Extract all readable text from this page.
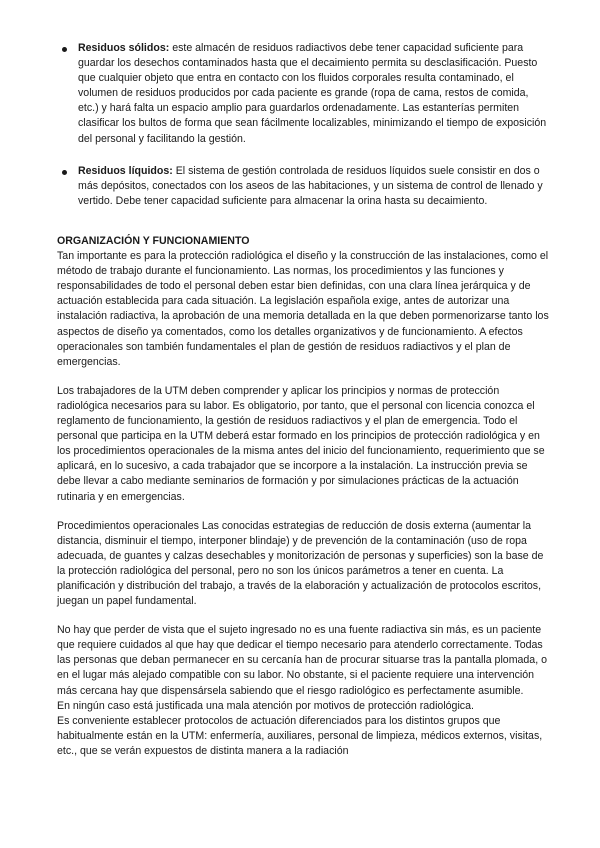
Residuos sólidos: este almacén de residuos radiactivos debe tener capacidad suficiente para guardar los desechos contaminados hasta que el decaimiento permita su desclasificación. Puesto que cualquier objeto que entra en contacto con los fluidos corporales resulta contaminado, el volumen de residuos producidos por cada paciente es grande (ropa de cama, restos de comida, etc.) y hará falta un espacio amplio para guardarlos ordenadamente. Las estanterías permiten clasificar los bultos de forma que sean fácilmente localizables, minimizando el tiempo de exposición del personal y facilitando la gestión.
Residuos líquidos: El sistema de gestión controlada de residuos líquidos suele consistir en dos o más depósitos, conectados con los aseos de las habitaciones, y un sistema de control de llenado y vertido. Debe tener capacidad suficiente para almacenar la orina hasta su decaimiento.

ORGANIZACIÓN Y FUNCIONAMIENTO

Tan importante es para la protección radiológica el diseño y la construcción de las instalaciones, como el método de trabajo durante el funcionamiento. Las normas, los procedimientos y las funciones y responsabilidades de todo el personal deben estar bien definidas, con una clara línea jerárquica y de actuación establecida para cada situación. La legislación española exige, antes de autorizar una instalación radiactiva, la aprobación de una memoria detallada en la que deben pormenorizarse tanto los aspectos de diseño ya comentados, como los detalles organizativos y de funcionamiento. A efectos operacionales son también fundamentales el plan de gestión de residuos radiactivos y el plan de emergencias.

Los trabajadores de la UTM deben comprender y aplicar los principios y normas de protección radiológica necesarios para su labor. Es obligatorio, por tanto, que el personal con licencia conozca el reglamento de funcionamiento, la gestión de residuos radiactivos y el plan de emergencia. Todo el personal que participa en la UTM deberá estar formado en los principios de protección radiológica y en los procedimientos operacionales de la misma antes del inicio del funcionamiento, requerimiento que se aplicará, en lo sucesivo, a cada trabajador que se incorpore a la instalación. La instrucción previa se debe llevar a cabo mediante seminarios de formación y por simulaciones prácticas de la actuación rutinaria y en emergencias.

Procedimientos operacionales Las conocidas estrategias de reducción de dosis externa (aumentar la distancia, disminuir el tiempo, interponer blindaje) y de prevención de la contaminación (uso de ropa adecuada, de guantes y calzas desechables y monitorización de personas y superficies) son la base de la protección radiológica del personal, pero no son los únicos parámetros a tener en cuenta. La planificación y distribución del trabajo, a través de la elaboración y actualización de protocolos escritos, juegan un papel fundamental.

No hay que perder de vista que el sujeto ingresado no es una fuente radiactiva sin más, es un paciente que requiere cuidados al que hay que dedicar el tiempo necesario para atenderlo correctamente. Todas las personas que deban permanecer en su cercanía han de procurar situarse tras la pantalla plomada, o en el lugar más alejado compatible con su labor. No obstante, si el paciente requiere una intervención más cercana hay que dispensársela sabiendo que el riesgo radiológico es perfectamente asumible.

En ningún caso está justificada una mala atención por motivos de protección radiológica.

Es conveniente establecer protocolos de actuación diferenciados para los distintos grupos que habitualmente están en la UTM: enfermería, auxiliares, personal de limpieza, médicos externos, visitas, etc., que se verán expuestos de distinta manera a la radiación
